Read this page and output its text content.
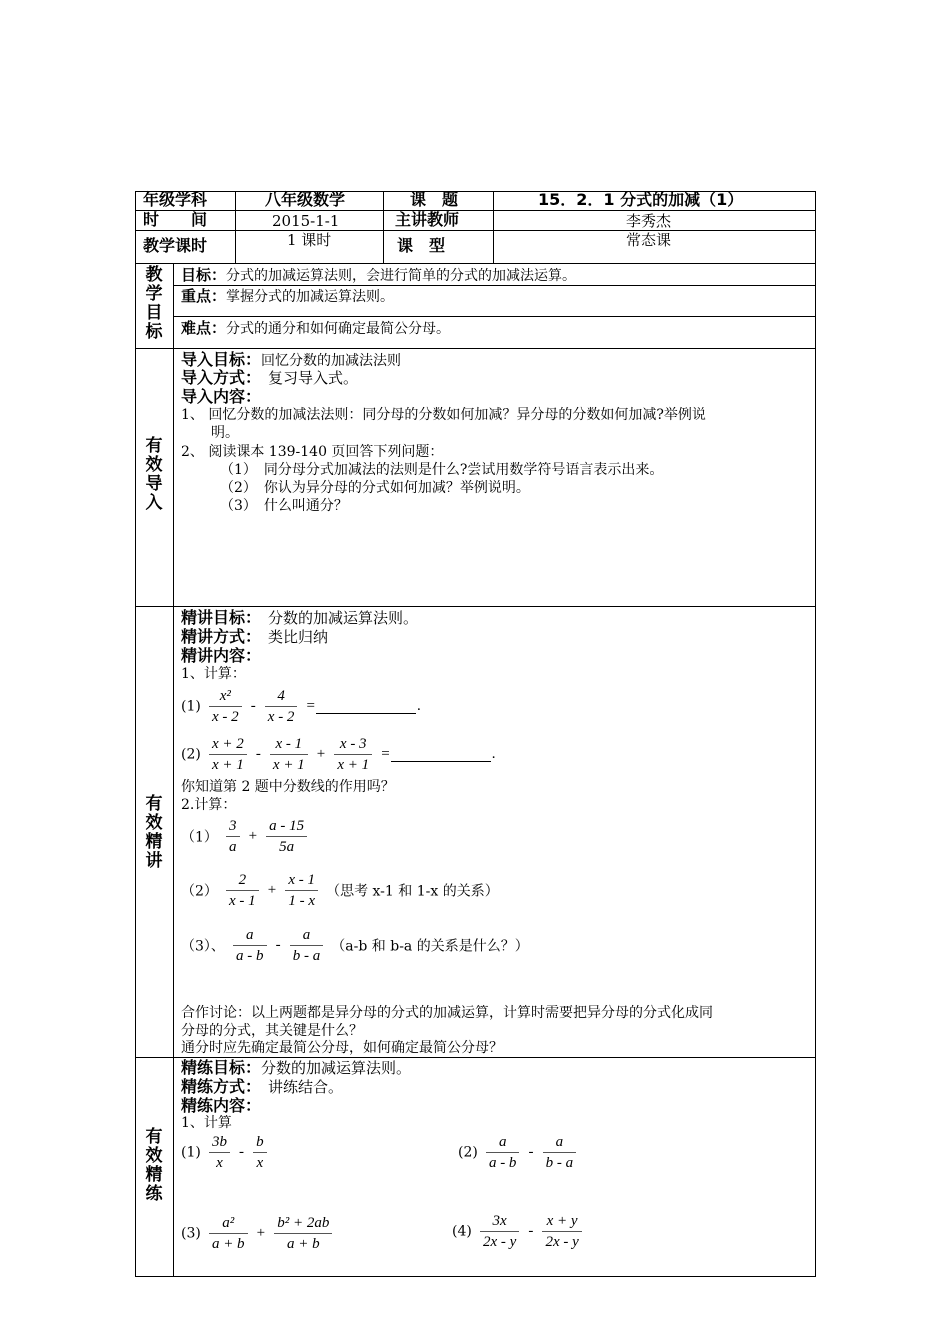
年级学科	八年级数学	课　题	15．2．1 分式的加减（1）
时　　间	2015-1-1	主讲教师	李秀杰
教学课时	1 课时	课　型	常态课
教
学
目
标
目标：分式的加减运算法则，会进行简单的分式的加减法运算。
重点：掌握分式的加减运算法则。
难点：分式的通分和如何确定最简公分母。
有
效
导
入
导入目标：回忆分数的加减法法则
导入方式：　复习导入式。
导入内容：
1、 回忆分数的加减法法则：同分母的分数如何加减？异分母的分数如何加减?举例说
明。
2、 阅读课本 139-140 页回答下列问题：
（1）　同分母分式加减法的法则是什么?尝试用数学符号语言表示出来。
（2）　你认为异分母的分式如何加减？举例说明。
（3）　什么叫通分？
有
效
精
讲
精讲目标：　分数的加减运算法则。
精讲方式：　类比归纳
精讲内容：
1、计算：
$(1) \frac{\text{x²}}{x - 2} - \frac{4}{x - 2}$ =	.
$(2) \frac{x + 2}{x + 1} - \frac{x - 1}{x + 1} + \frac{x - 3}{x + 1}$ =	.
你知道第 2 题中分数线的作用吗？
2.计算：
$(1) \frac{3}{a} + \frac{a - 15}{5a}$
$(2) \frac{2}{x - 1} + \frac{x - 1}{1 - x}$ （思考 x-1 和 1-x 的关系）
（3）、 $\frac{a}{a - b} - \frac{a}{b - a} (a-b$ 和 b-a 的关系是什么？）
合作讨论：以上两题都是异分母的分式的加减运算，计算时需要把异分母的分式化成同
分母的分式，其关键是什么？
通分时应先确定最简公分母，如何确定最简公分母？
有
效
精
练
精练目标：分数的加减运算法则。
精练方式：　讲练结合。
精练内容：
1、计算
$(1) \frac{3b}{x} - \frac{b}{x}$	$(2) \frac{a}{a - b} - \frac{a}{b - a}$
$(3) \frac{\text{a²}}{a + b} + \frac{\text{b² + 2ab}}{a + b}$	$(4) \frac{3x}{2x - y} - \frac{x + y}{2x - y}$
